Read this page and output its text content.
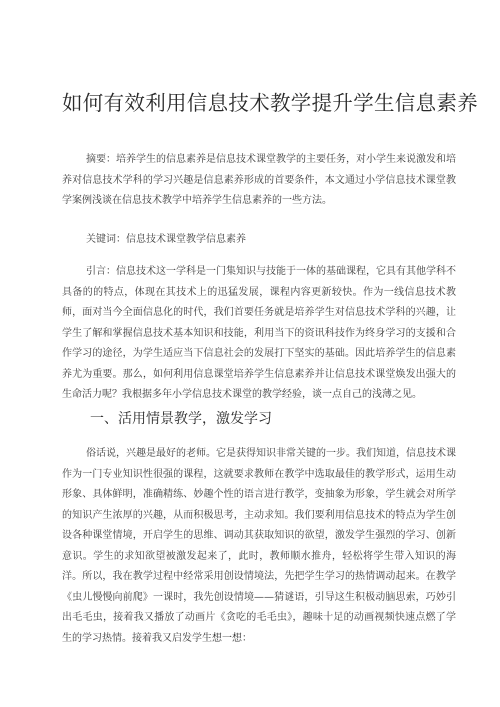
如何有效利用信息技术教学提升学生信息素养

摘要：培养学生的信息素养是信息技术课堂教学的主要任务，对小学生来说激发和培养对信息技术学科的学习兴趣是信息素养形成的首要条件，本文通过小学信息技术课堂教学案例浅谈在信息技术教学中培养学生信息素养的一些方法。

关键词：信息技术课堂教学信息素养

引言：信息技术这一学科是一门集知识与技能于一体的基础课程，它具有其他学科不具备的的特点，体现在其技术上的迅猛发展，课程内容更新较快。作为一线信息技术教师，面对当今全面信息化的时代，我们首要任务就是培养学生对信息技术学科的兴趣，让学生了解和掌握信息技术基本知识和技能，利用当下的资讯科技作为终身学习的支援和合作学习的途径，为学生适应当下信息社会的发展打下坚实的基础。因此培养学生的信息素养尤为重要。那么，如何利用信息课堂培养学生信息素养并让信息技术课堂焕发出强大的生命活力呢？我根据多年小学信息技术课堂的教学经验，谈一点自己的浅薄之见。

一、活用情景教学，激发学习

俗话说，兴趣是最好的老师。它是获得知识非常关键的一步。我们知道，信息技术课作为一门专业知识性很强的课程，这就要求教师在教学中选取最佳的教学形式，运用生动形象、具体鲜明，准确精练、妙趣个性的语言进行教学，变抽象为形象，学生就会对所学的知识产生浓厚的兴趣，从而积极思考，主动求知。我们要利用信息技术的特点为学生创设各种课堂情境，开启学生的思维、调动其获取知识的欲望，激发学生强烈的学习、创新意识。学生的求知欲望被激发起来了，此时，教师顺水推舟，轻松将学生带入知识的海洋。所以，我在教学过程中经常采用创设情境法，先把学生学习的热情调动起来。在教学《虫儿慢慢向前爬》一课时，我先创设情境——猜谜语，引导这生积极动脑思索，巧妙引出毛毛虫，接着我又播放了动画片《贪吃的毛毛虫》，趣味十足的动画视频快速点燃了学生的学习热情。接着我又启发学生想一想：
